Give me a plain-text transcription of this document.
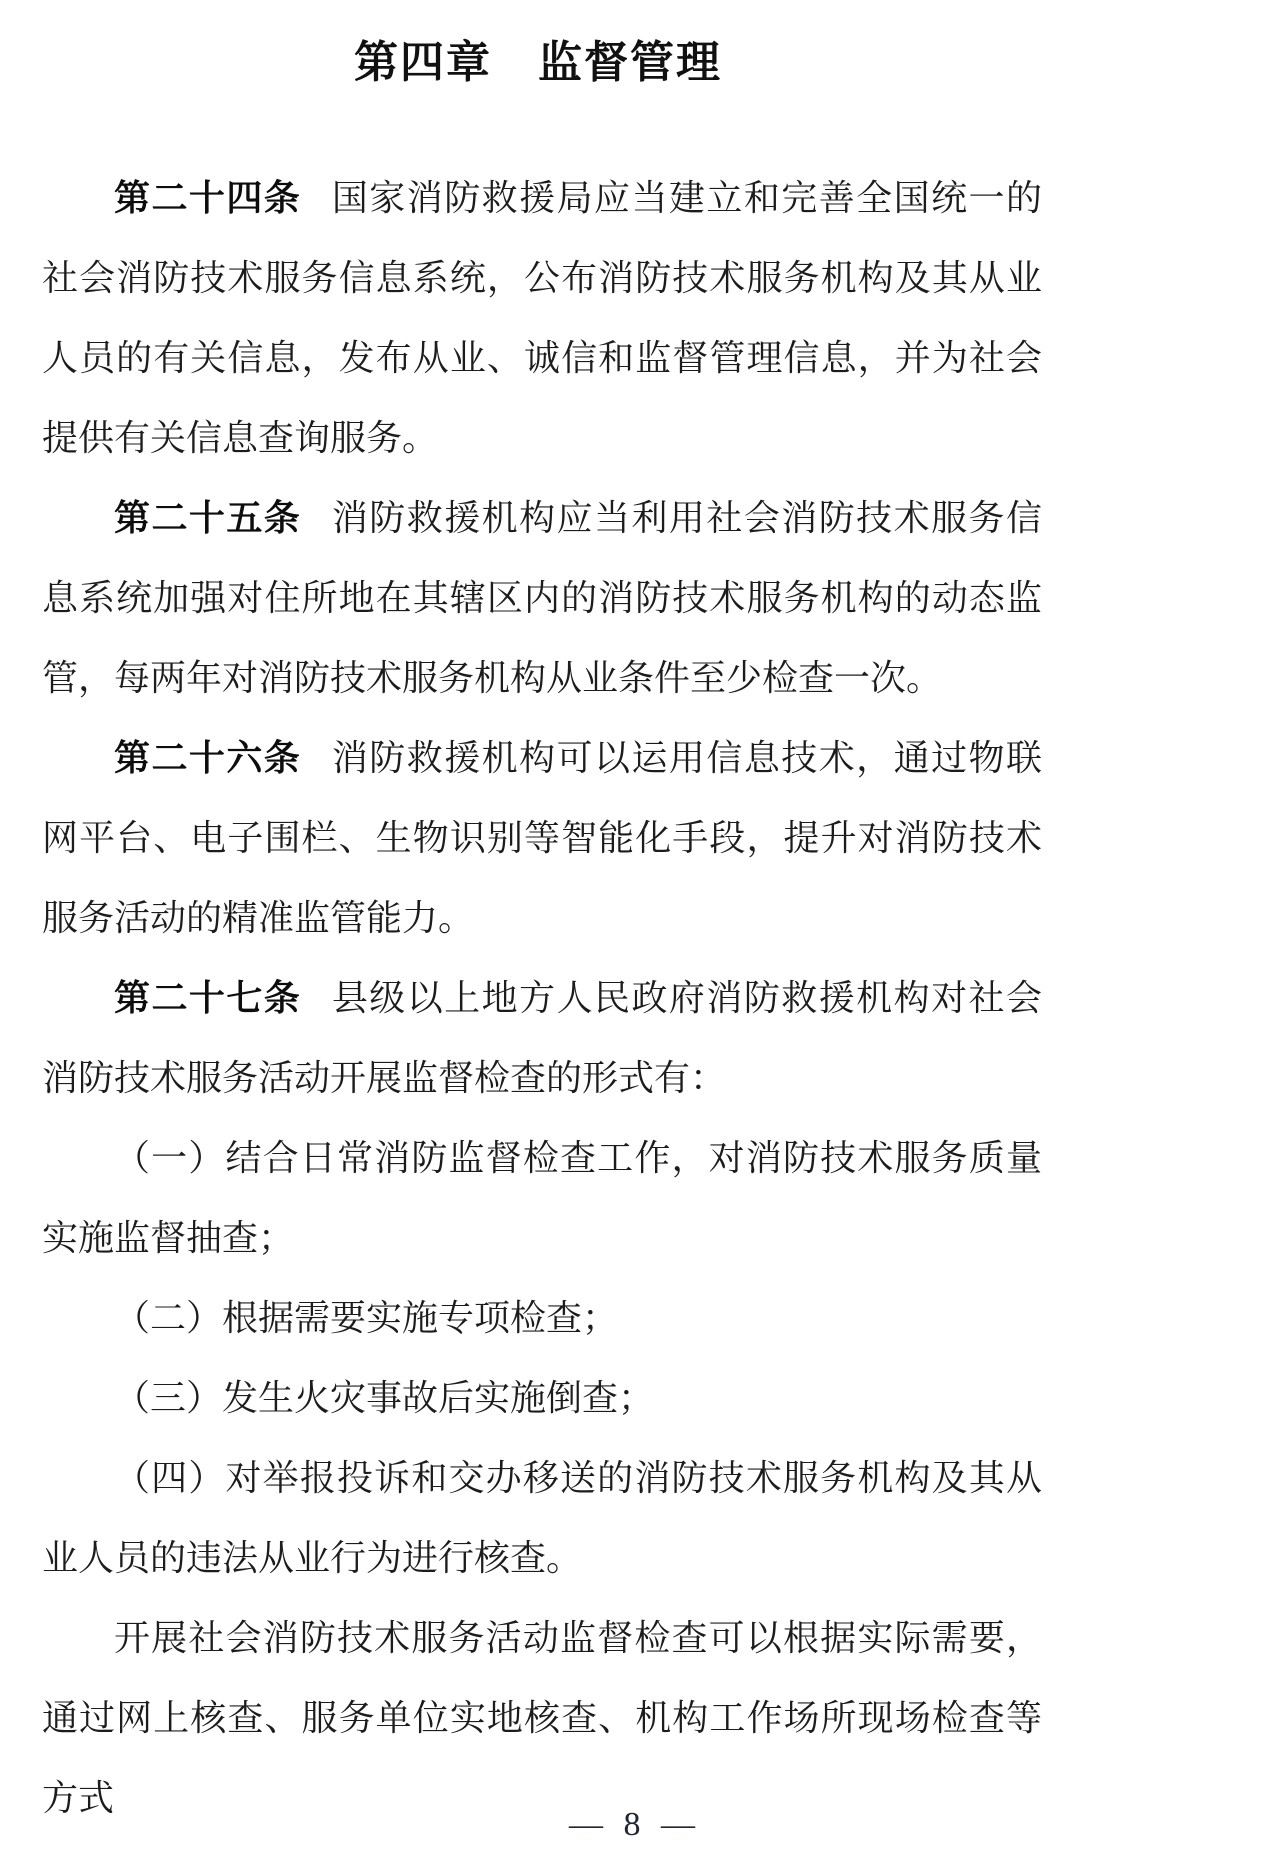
第四章　监督管理

第二十四条 国家消防救援局应当建立和完善全国统一的社会消防技术服务信息系统，公布消防技术服务机构及其从业人员的有关信息，发布从业、诚信和监督管理信息，并为社会提供有关信息查询服务。

第二十五条 消防救援机构应当利用社会消防技术服务信息系统加强对住所地在其辖区内的消防技术服务机构的动态监管，每两年对消防技术服务机构从业条件至少检查一次。

第二十六条 消防救援机构可以运用信息技术，通过物联网平台、电子围栏、生物识别等智能化手段，提升对消防技术服务活动的精准监管能力。

第二十七条 县级以上地方人民政府消防救援机构对社会消防技术服务活动开展监督检查的形式有：

（一）结合日常消防监督检查工作，对消防技术服务质量实施监督抽查；

（二）根据需要实施专项检查；

（三）发生火灾事故后实施倒查；

（四）对举报投诉和交办移送的消防技术服务机构及其从业人员的违法从业行为进行核查。

开展社会消防技术服务活动监督检查可以根据实际需要，通过网上核查、服务单位实地核查、机构工作场所现场检查等方式

— 8 —
